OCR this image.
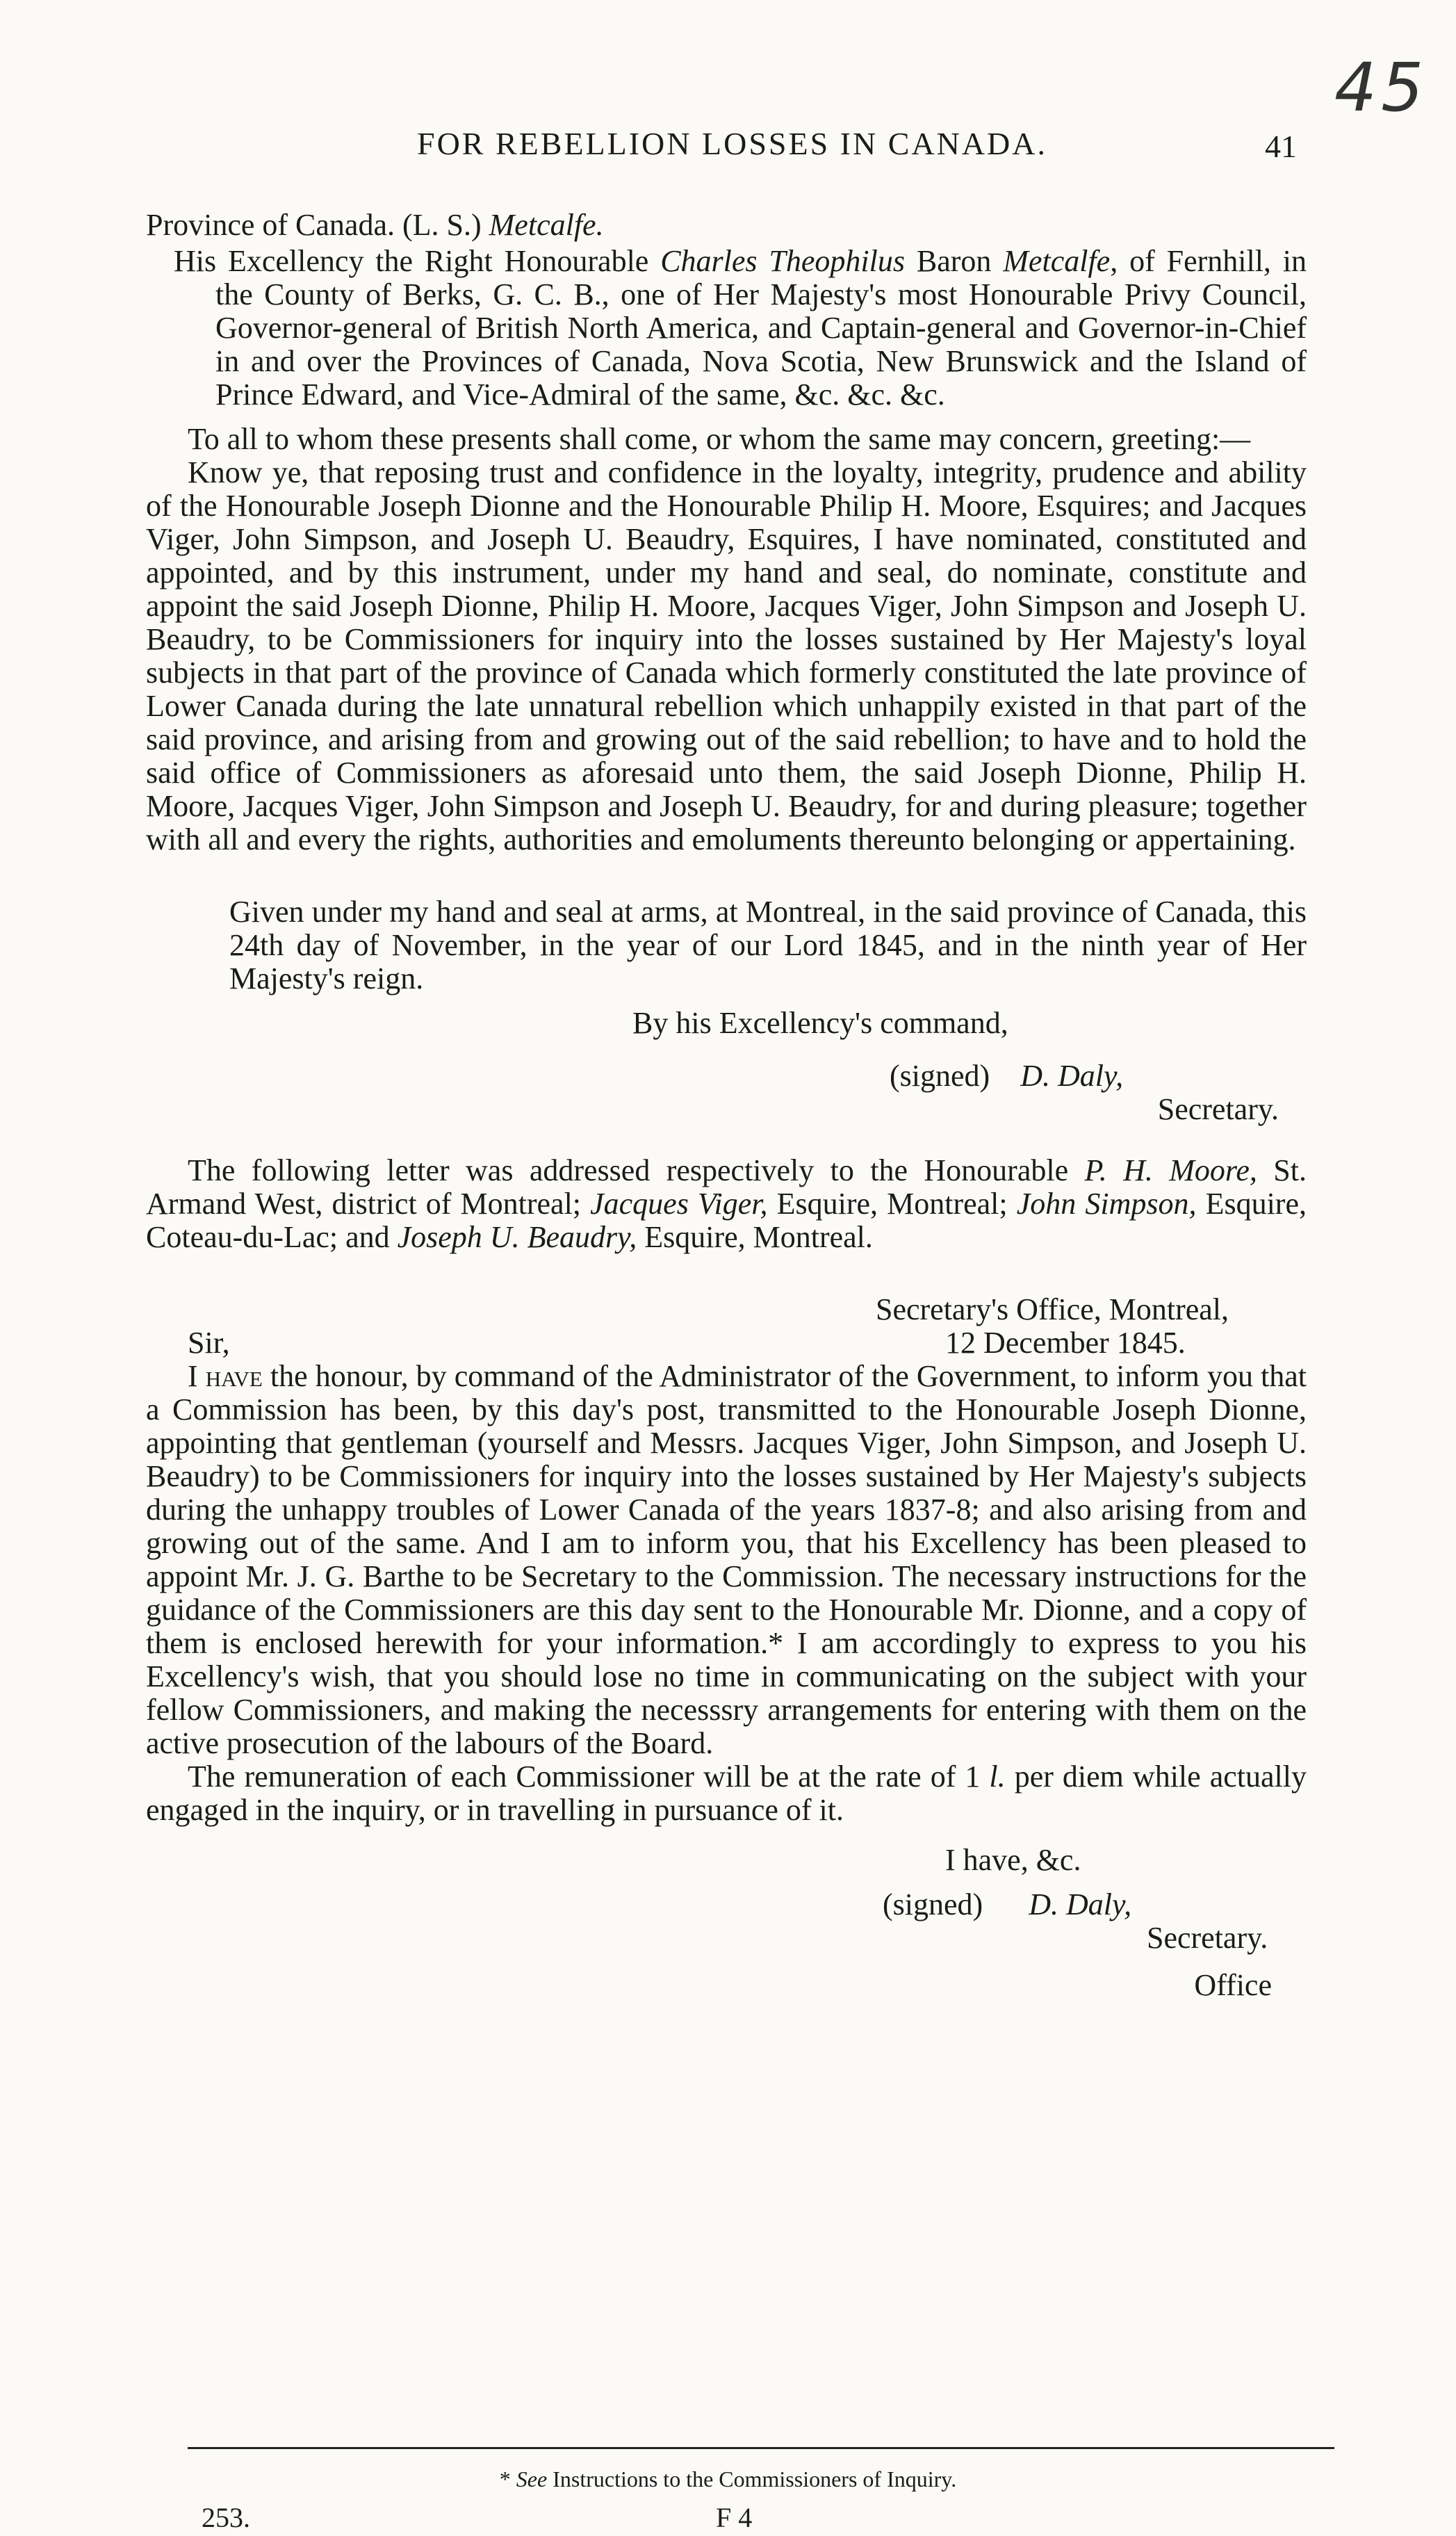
45
FOR REBELLION LOSSES IN CANADA.	41

Province of Canada. (L. S.) Metcalfe.

His Excellency the Right Honourable Charles Theophilus Baron Metcalfe, of Fernhill, in the County of Berks, G. C. B., one of Her Majesty's most Honourable Privy Council, Governor-general of British North America, and Captain-general and Governor-in-Chief in and over the Provinces of Canada, Nova Scotia, New Brunswick and the Island of Prince Edward, and Vice-Admiral of the same, &c. &c. &c.

To all to whom these presents shall come, or whom the same may concern, greeting:—

Know ye, that reposing trust and confidence in the loyalty, integrity, prudence and ability of the Honourable Joseph Dionne and the Honourable Philip H. Moore, Esquires; and Jacques Viger, John Simpson, and Joseph U. Beaudry, Esquires, I have nominated, constituted and appointed, and by this instrument, under my hand and seal, do nominate, constitute and appoint the said Joseph Dionne, Philip H. Moore, Jacques Viger, John Simpson and Joseph U. Beaudry, to be Commissioners for inquiry into the losses sustained by Her Majesty's loyal subjects in that part of the province of Canada which formerly constituted the late province of Lower Canada during the late unnatural rebellion which unhappily existed in that part of the said province, and arising from and growing out of the said rebellion; to have and to hold the said office of Commissioners as aforesaid unto them, the said Joseph Dionne, Philip H. Moore, Jacques Viger, John Simpson and Joseph U. Beaudry, for and during pleasure; together with all and every the rights, authorities and emoluments thereunto belonging or appertaining.

Given under my hand and seal at arms, at Montreal, in the said province of Canada, this 24th day of November, in the year of our Lord 1845, and in the ninth year of Her Majesty's reign.

By his Excellency's command,

(signed) D. Daly,

Secretary.

The following letter was addressed respectively to the Honourable P. H. Moore, St. Armand West, district of Montreal; Jacques Viger, Esquire, Montreal; John Simpson, Esquire, Coteau-du-Lac; and Joseph U. Beaudry, Esquire, Montreal.

Secretary's Office, Montreal,

Sir,	12 December 1845.

I have the honour, by command of the Administrator of the Government, to inform you that a Commission has been, by this day's post, transmitted to the Honourable Joseph Dionne, appointing that gentleman (yourself and Messrs. Jacques Viger, John Simpson, and Joseph U. Beaudry) to be Commissioners for inquiry into the losses sustained by Her Majesty's subjects during the unhappy troubles of Lower Canada of the years 1837-8; and also arising from and growing out of the same. And I am to inform you, that his Excellency has been pleased to appoint Mr. J. G. Barthe to be Secretary to the Commission. The necessary instructions for the guidance of the Commissioners are this day sent to the Honourable Mr. Dionne, and a copy of them is enclosed herewith for your information.* I am accordingly to express to you his Excellency's wish, that you should lose no time in communicating on the subject with your fellow Commissioners, and making the necesssry arrangements for entering with them on the active prosecution of the labours of the Board.

The remuneration of each Commissioner will be at the rate of 1 l. per diem while actually engaged in the inquiry, or in travelling in pursuance of it.

I have, &c.

(signed) D. Daly,

Secretary.

Office

* See Instructions to the Commissioners of Inquiry.
253.	F 4
